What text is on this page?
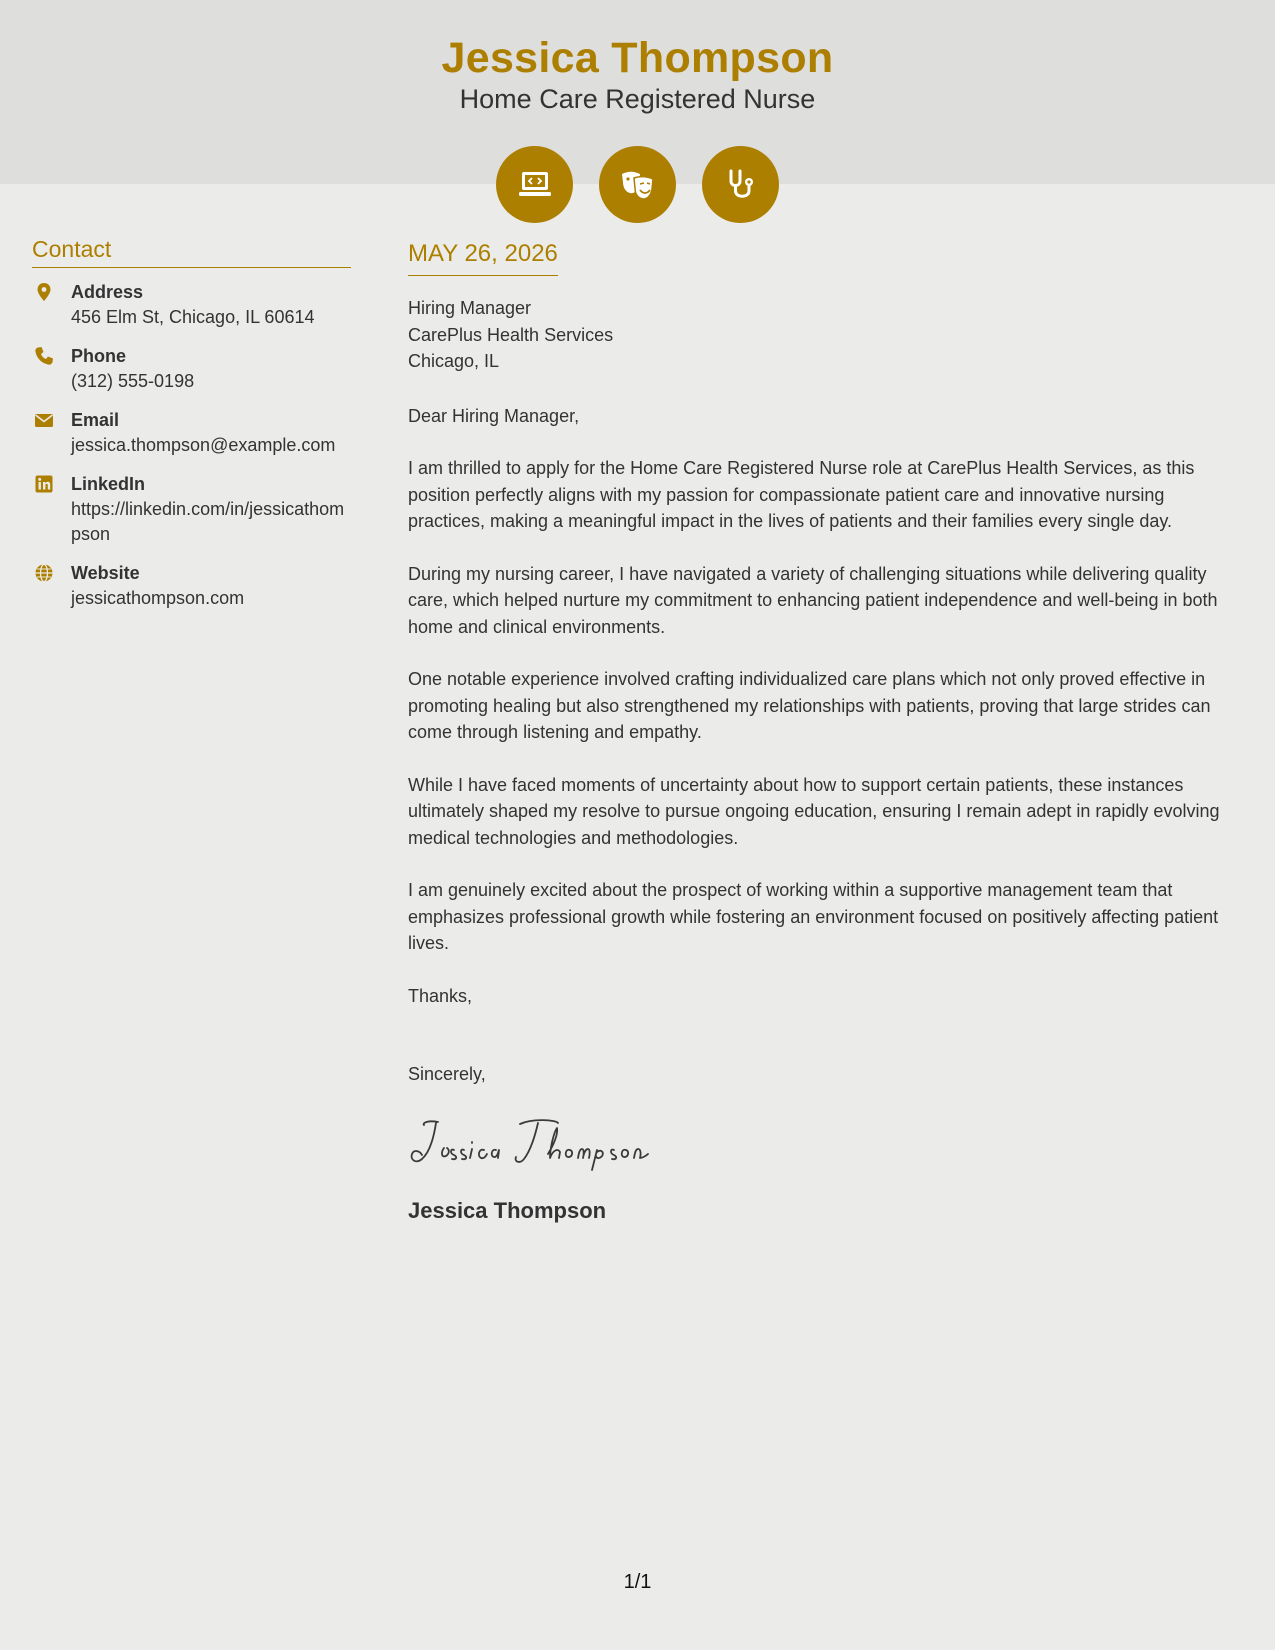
Jessica Thompson
Home Care Registered Nurse
Contact
Address
456 Elm St, Chicago, IL 60614
Phone
(312) 555-0198
Email
jessica.thompson@example.com
LinkedIn
https://linkedin.com/in/jessicathompson
Website
jessicathompson.com
MAY 26, 2026
Hiring Manager
CarePlus Health Services
Chicago, IL

Dear Hiring Manager,

I am thrilled to apply for the Home Care Registered Nurse role at CarePlus Health Services, as this position perfectly aligns with my passion for compassionate patient care and innovative nursing practices, making a meaningful impact in the lives of patients and their families every single day.

During my nursing career, I have navigated a variety of challenging situations while delivering quality care, which helped nurture my commitment to enhancing patient independence and well-being in both home and clinical environments.

One notable experience involved crafting individualized care plans which not only proved effective in promoting healing but also strengthened my relationships with patients, proving that large strides can come through listening and empathy.

While I have faced moments of uncertainty about how to support certain patients, these instances ultimately shaped my resolve to pursue ongoing education, ensuring I remain adept in rapidly evolving medical technologies and methodologies.

I am genuinely excited about the prospect of working within a supportive management team that emphasizes professional growth while fostering an environment focused on positively affecting patient lives.

Thanks,

Sincerely,

Jessica Thompson
1/1
